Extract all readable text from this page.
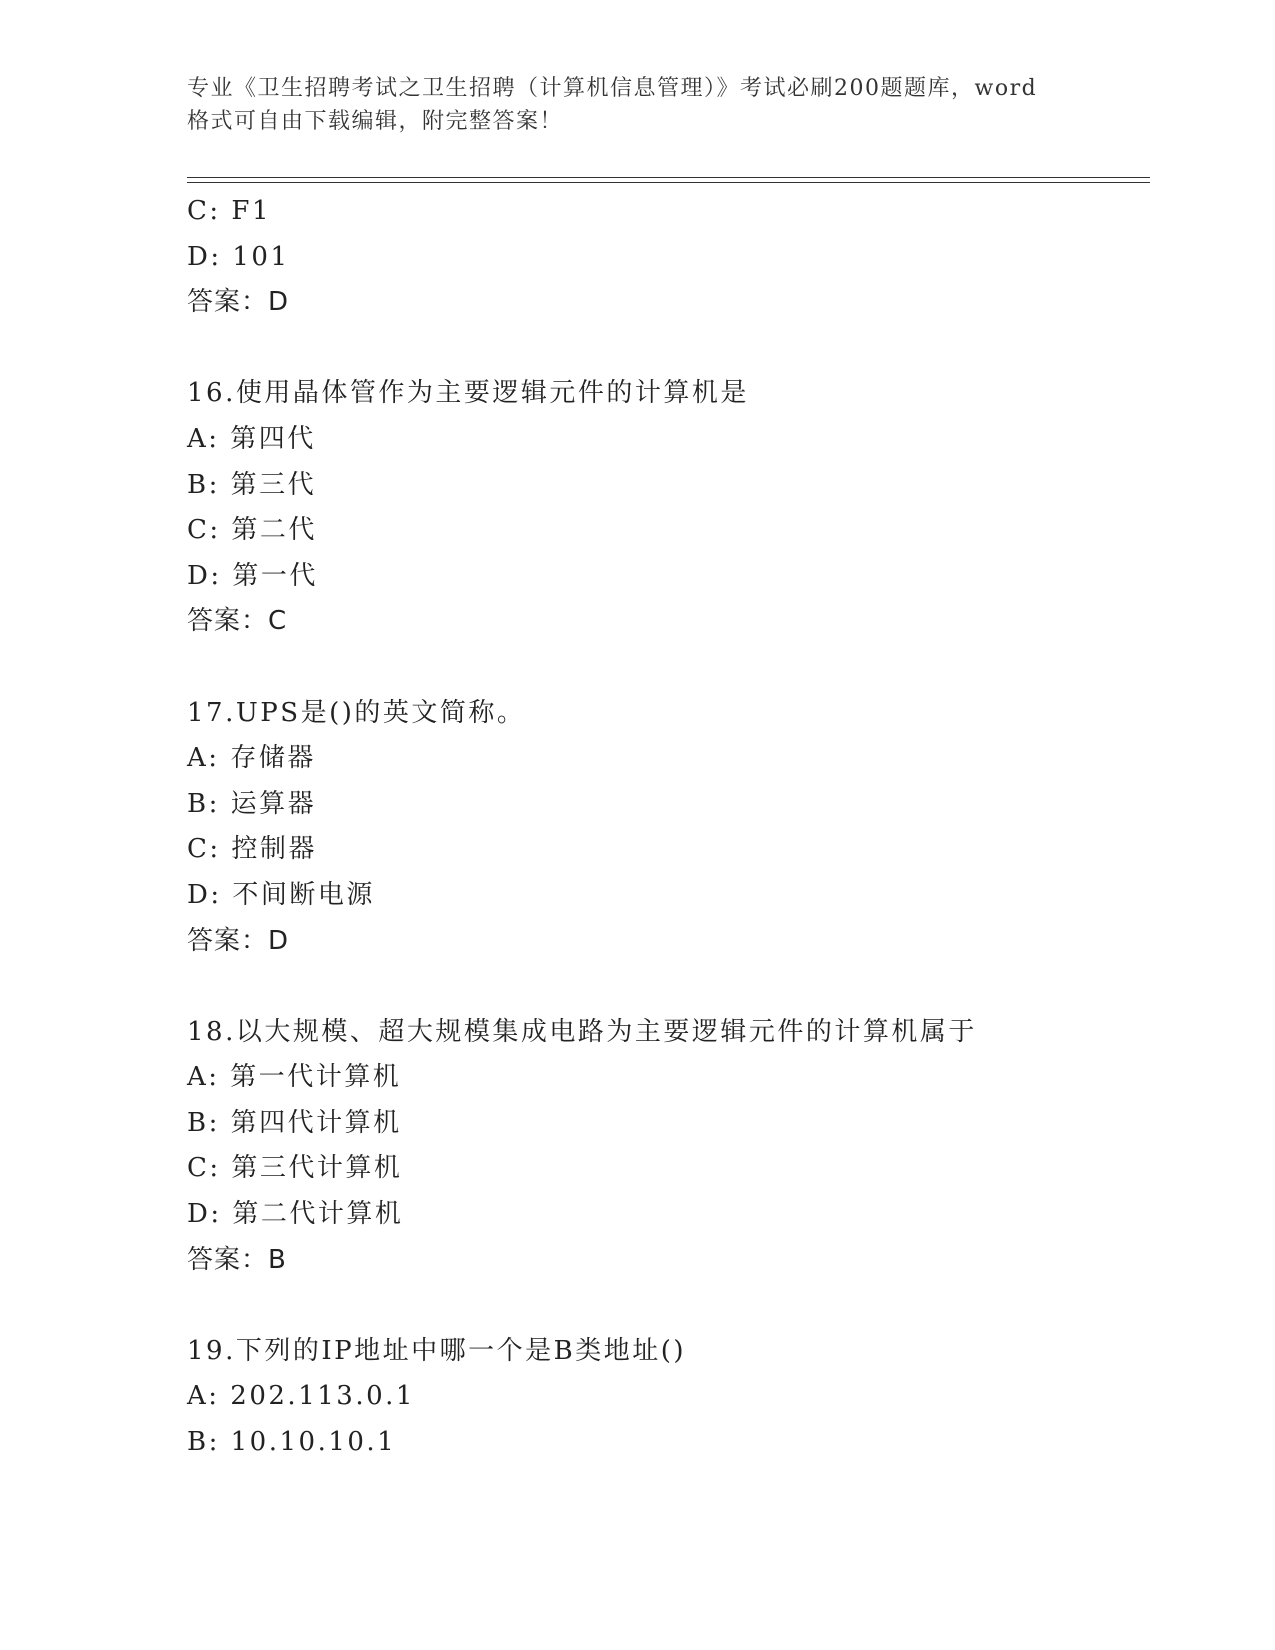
专业《卫生招聘考试之卫生招聘（计算机信息管理）》考试必刷200题题库，word
格式可自由下载编辑，附完整答案！
C: F1
D: 101
答案：D
16.使用晶体管作为主要逻辑元件的计算机是
A: 第四代
B: 第三代
C: 第二代
D: 第一代
答案：C
17.UPS是()的英文简称。
A: 存储器
B: 运算器
C: 控制器
D: 不间断电源
答案：D
18.以大规模、超大规模集成电路为主要逻辑元件的计算机属于
A: 第一代计算机
B: 第四代计算机
C: 第三代计算机
D: 第二代计算机
答案：B
19.下列的IP地址中哪一个是B类地址()
A: 202.113.0.1
B: 10.10.10.1
